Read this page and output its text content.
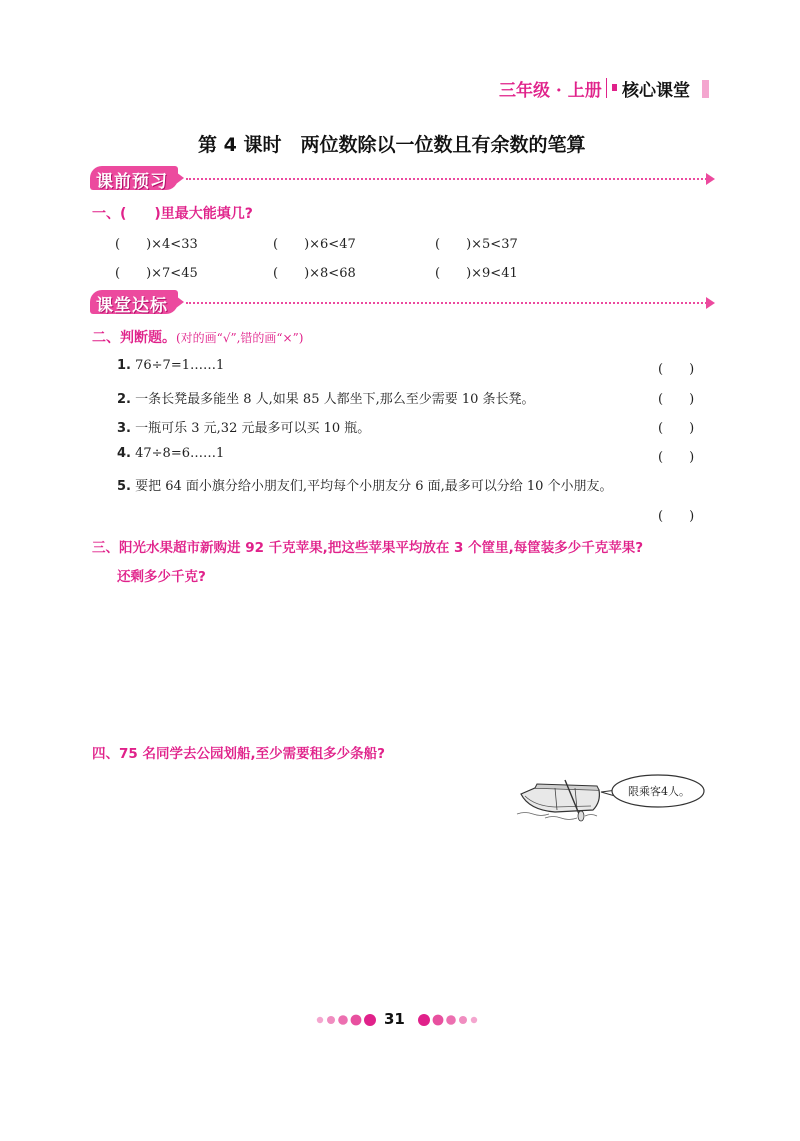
三年级 · 上册 核心课堂
第 4 课时　两位数除以一位数且有余数的笔算
课前预习
一、(　　)里最大能填几?
(　　)×4<33	(　　)×6<47	(　　)×5<37
(　　)×7<45	(　　)×8<68	(　　)×9<41
课堂达标
二、判断题。(对的画“√”,错的画“×”)
1. 76÷7=1……1	(　　)
2. 一条长凳最多能坐 8 人,如果 85 人都坐下,那么至少需要 10 条长凳。	(　　)
3. 一瓶可乐 3 元,32 元最多可以买 10 瓶。	(　　)
4. 47÷8=6……1	(　　)
5. 要把 64 面小旗分给小朋友们,平均每个小朋友分 6 面,最多可以分给 10 个小朋友。
(　　)
三、阳光水果超市新购进 92 千克苹果,把这些苹果平均放在 3 个筐里,每筐装多少千克苹果?
还剩多少千克?
四、75 名同学去公园划船,至少需要租多少条船?
限乘客4人。
31
